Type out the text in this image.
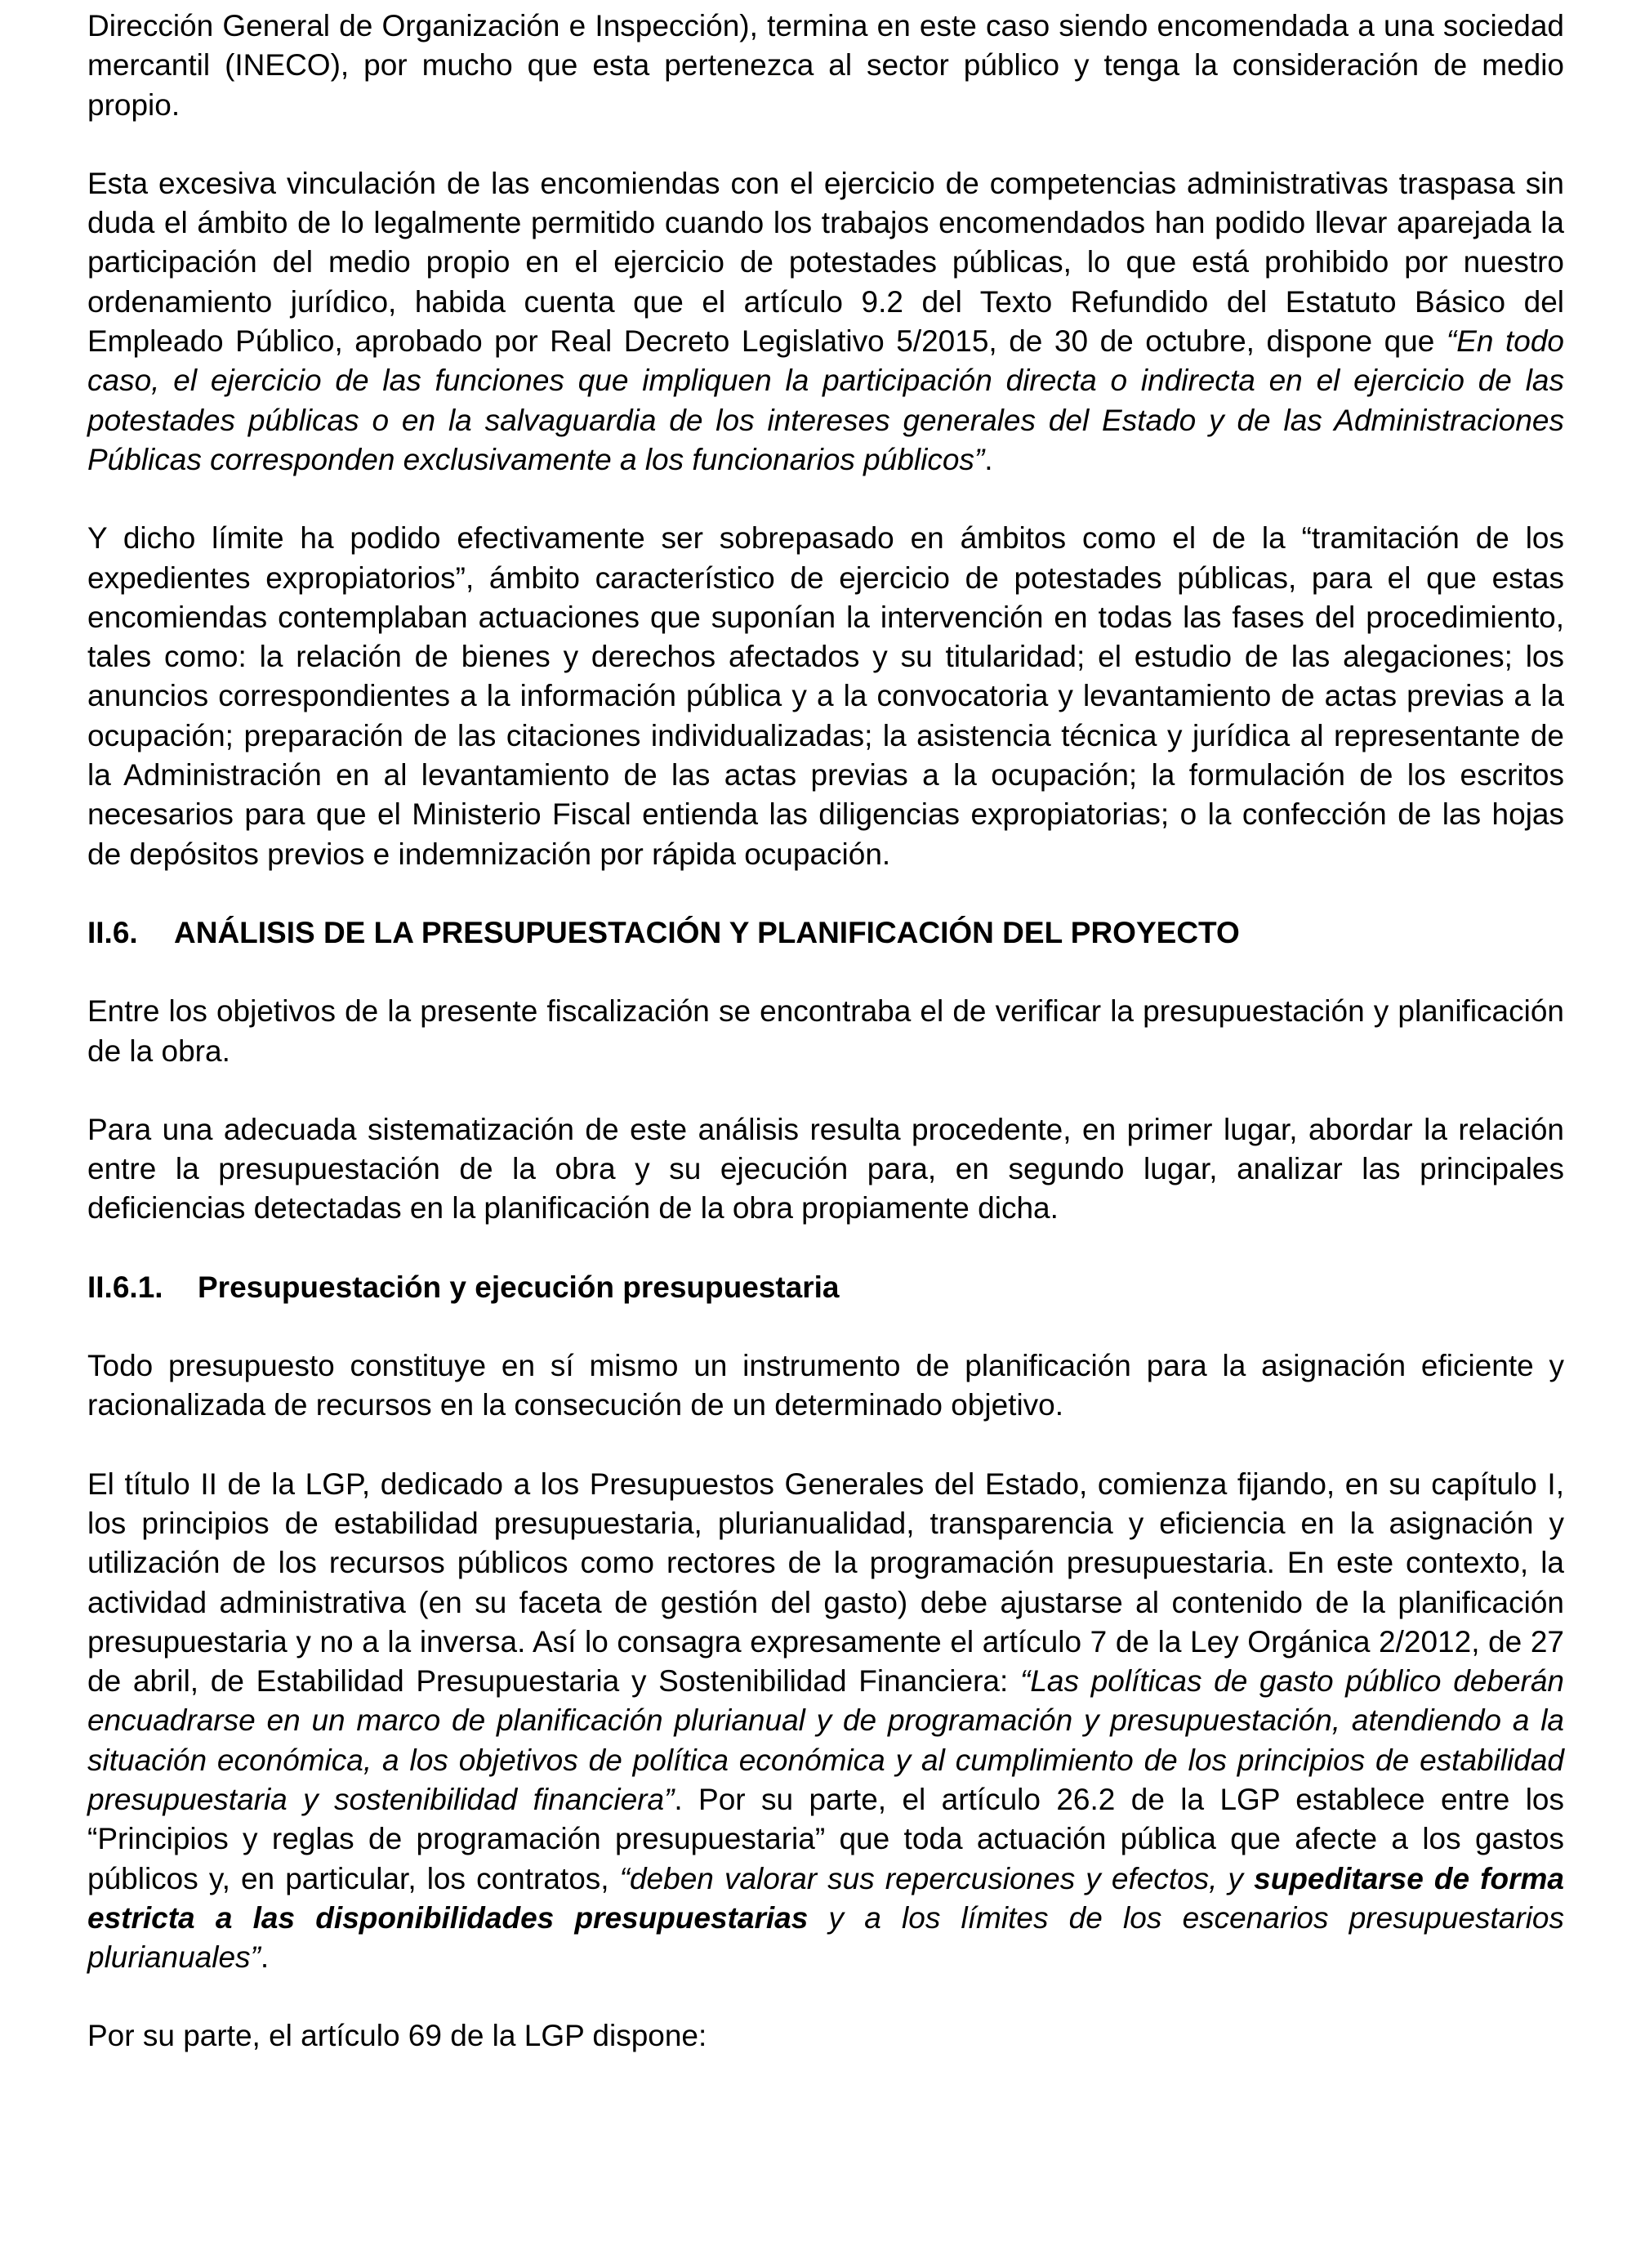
Dirección General de Organización e Inspección), termina en este caso siendo encomendada a una sociedad mercantil (INECO), por mucho que esta pertenezca al sector público y tenga la consideración de medio propio.

Esta excesiva vinculación de las encomiendas con el ejercicio de competencias administrativas traspasa sin duda el ámbito de lo legalmente permitido cuando los trabajos encomendados han podido llevar aparejada la participación del medio propio en el ejercicio de potestades públicas, lo que está prohibido por nuestro ordenamiento jurídico, habida cuenta que el artículo 9.2 del Texto Refundido del Estatuto Básico del Empleado Público, aprobado por Real Decreto Legislativo 5/2015, de 30 de octubre, dispone que “En todo caso, el ejercicio de las funciones que impliquen la participación directa o indirecta en el ejercicio de las potestades públicas o en la salvaguardia de los intereses generales del Estado y de las Administraciones Públicas corresponden exclusivamente a los funcionarios públicos”.

Y dicho límite ha podido efectivamente ser sobrepasado en ámbitos como el de la “tramitación de los expedientes expropiatorios”, ámbito característico de ejercicio de potestades públicas, para el que estas encomiendas contemplaban actuaciones que suponían la intervención en todas las fases del procedimiento, tales como: la relación de bienes y derechos afectados y su titularidad; el estudio de las alegaciones; los anuncios correspondientes a la información pública y a la convocatoria y levantamiento de actas previas a la ocupación; preparación de las citaciones individualizadas; la asistencia técnica y jurídica al representante de la Administración en al levantamiento de las actas previas a la ocupación; la formulación de los escritos necesarios para que el Ministerio Fiscal entienda las diligencias expropiatorias; o la confección de las hojas de depósitos previos e indemnización por rápida ocupación.

II.6. ANÁLISIS DE LA PRESUPUESTACIÓN Y PLANIFICACIÓN DEL PROYECTO

Entre los objetivos de la presente fiscalización se encontraba el de verificar la presupuestación y planificación de la obra.

Para una adecuada sistematización de este análisis resulta procedente, en primer lugar, abordar la relación entre la presupuestación de la obra y su ejecución para, en segundo lugar, analizar las principales deficiencias detectadas en la planificación de la obra propiamente dicha.

II.6.1. Presupuestación y ejecución presupuestaria

Todo presupuesto constituye en sí mismo un instrumento de planificación para la asignación eficiente y racionalizada de recursos en la consecución de un determinado objetivo.

El título II de la LGP, dedicado a los Presupuestos Generales del Estado, comienza fijando, en su capítulo I, los principios de estabilidad presupuestaria, plurianualidad, transparencia y eficiencia en la asignación y utilización de los recursos públicos como rectores de la programación presupuestaria. En este contexto, la actividad administrativa (en su faceta de gestión del gasto) debe ajustarse al contenido de la planificación presupuestaria y no a la inversa. Así lo consagra expresamente el artículo 7 de la Ley Orgánica 2/2012, de 27 de abril, de Estabilidad Presupuestaria y Sostenibilidad Financiera: “Las políticas de gasto público deberán encuadrarse en un marco de planificación plurianual y de programación y presupuestación, atendiendo a la situación económica, a los objetivos de política económica y al cumplimiento de los principios de estabilidad presupuestaria y sostenibilidad financiera”. Por su parte, el artículo 26.2 de la LGP establece entre los “Principios y reglas de programación presupuestaria” que toda actuación pública que afecte a los gastos públicos y, en particular, los contratos, “deben valorar sus repercusiones y efectos, y supeditarse de forma estricta a las disponibilidades presupuestarias y a los límites de los escenarios presupuestarios plurianuales”.

Por su parte, el artículo 69 de la LGP dispone:
